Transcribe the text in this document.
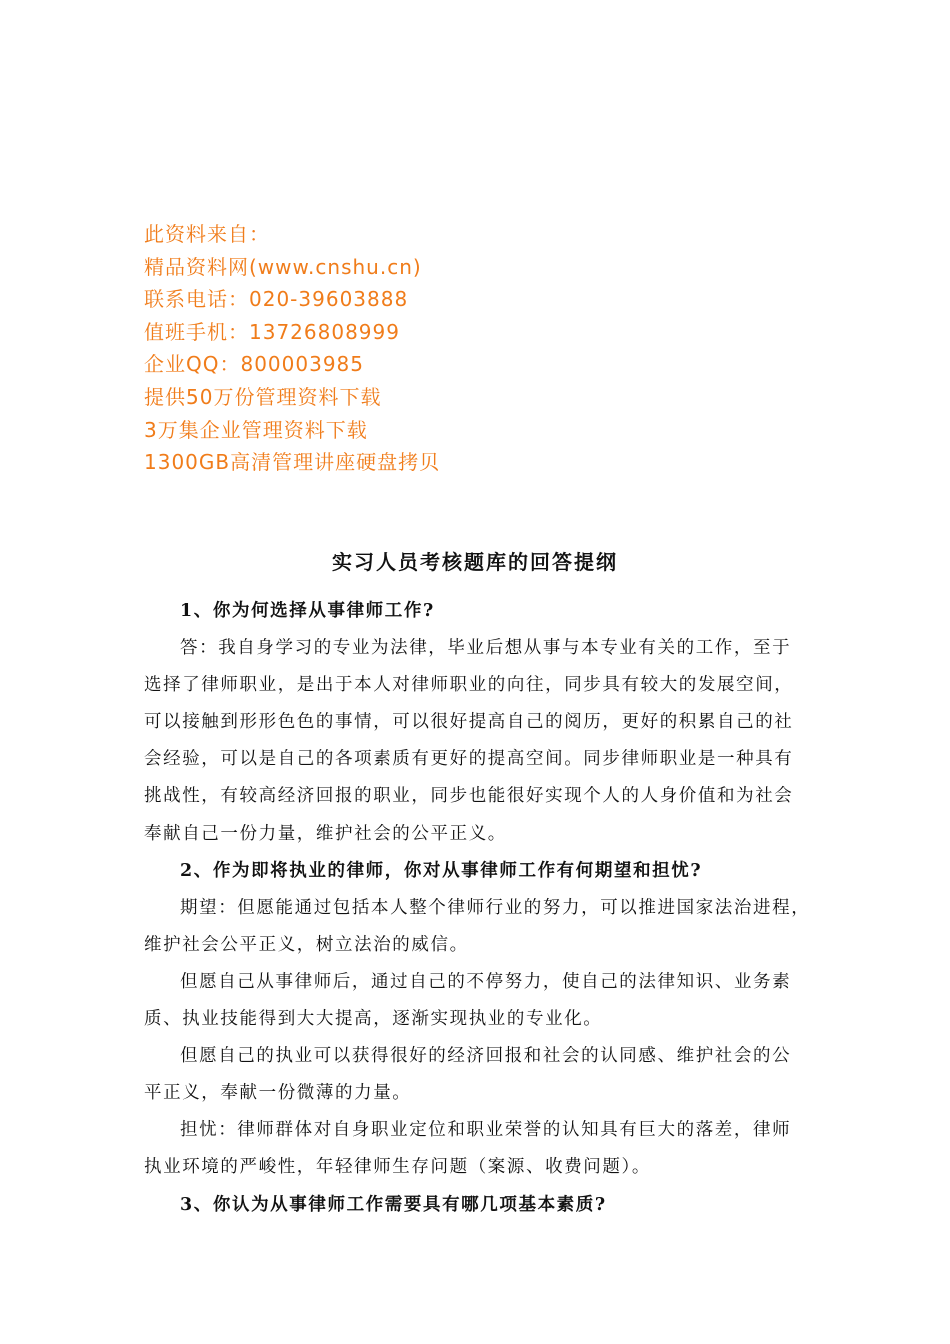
此资料来自：
精品资料网(www.cnshu.cn)
联系电话：020-39603888
值班手机：13726808999
企业QQ：800003985
提供50万份管理资料下载
3万集企业管理资料下载
1300GB高清管理讲座硬盘拷贝
实习人员考核题库的回答提纲
1、你为何选择从事律师工作?
答：我自身学习的专业为法律，毕业后想从事与本专业有关的工作，至于
选择了律师职业，是出于本人对律师职业的向往，同步具有较大的发展空间，
可以接触到形形色色的事情，可以很好提高自己的阅历，更好的积累自己的社
会经验，可以是自己的各项素质有更好的提高空间。同步律师职业是一种具有
挑战性，有较高经济回报的职业，同步也能很好实现个人的人身价值和为社会
奉献自己一份力量，维护社会的公平正义。
2、作为即将执业的律师，你对从事律师工作有何期望和担忧?
期望：但愿能通过包括本人整个律师行业的努力，可以推进国家法治进程，
维护社会公平正义，树立法治的威信。
但愿自己从事律师后，通过自己的不停努力，使自己的法律知识、业务素
质、执业技能得到大大提高，逐渐实现执业的专业化。
但愿自己的执业可以获得很好的经济回报和社会的认同感、维护社会的公
平正义，奉献一份微薄的力量。
担忧：律师群体对自身职业定位和职业荣誉的认知具有巨大的落差，律师
执业环境的严峻性，年轻律师生存问题（案源、收费问题）。
3、你认为从事律师工作需要具有哪几项基本素质?
